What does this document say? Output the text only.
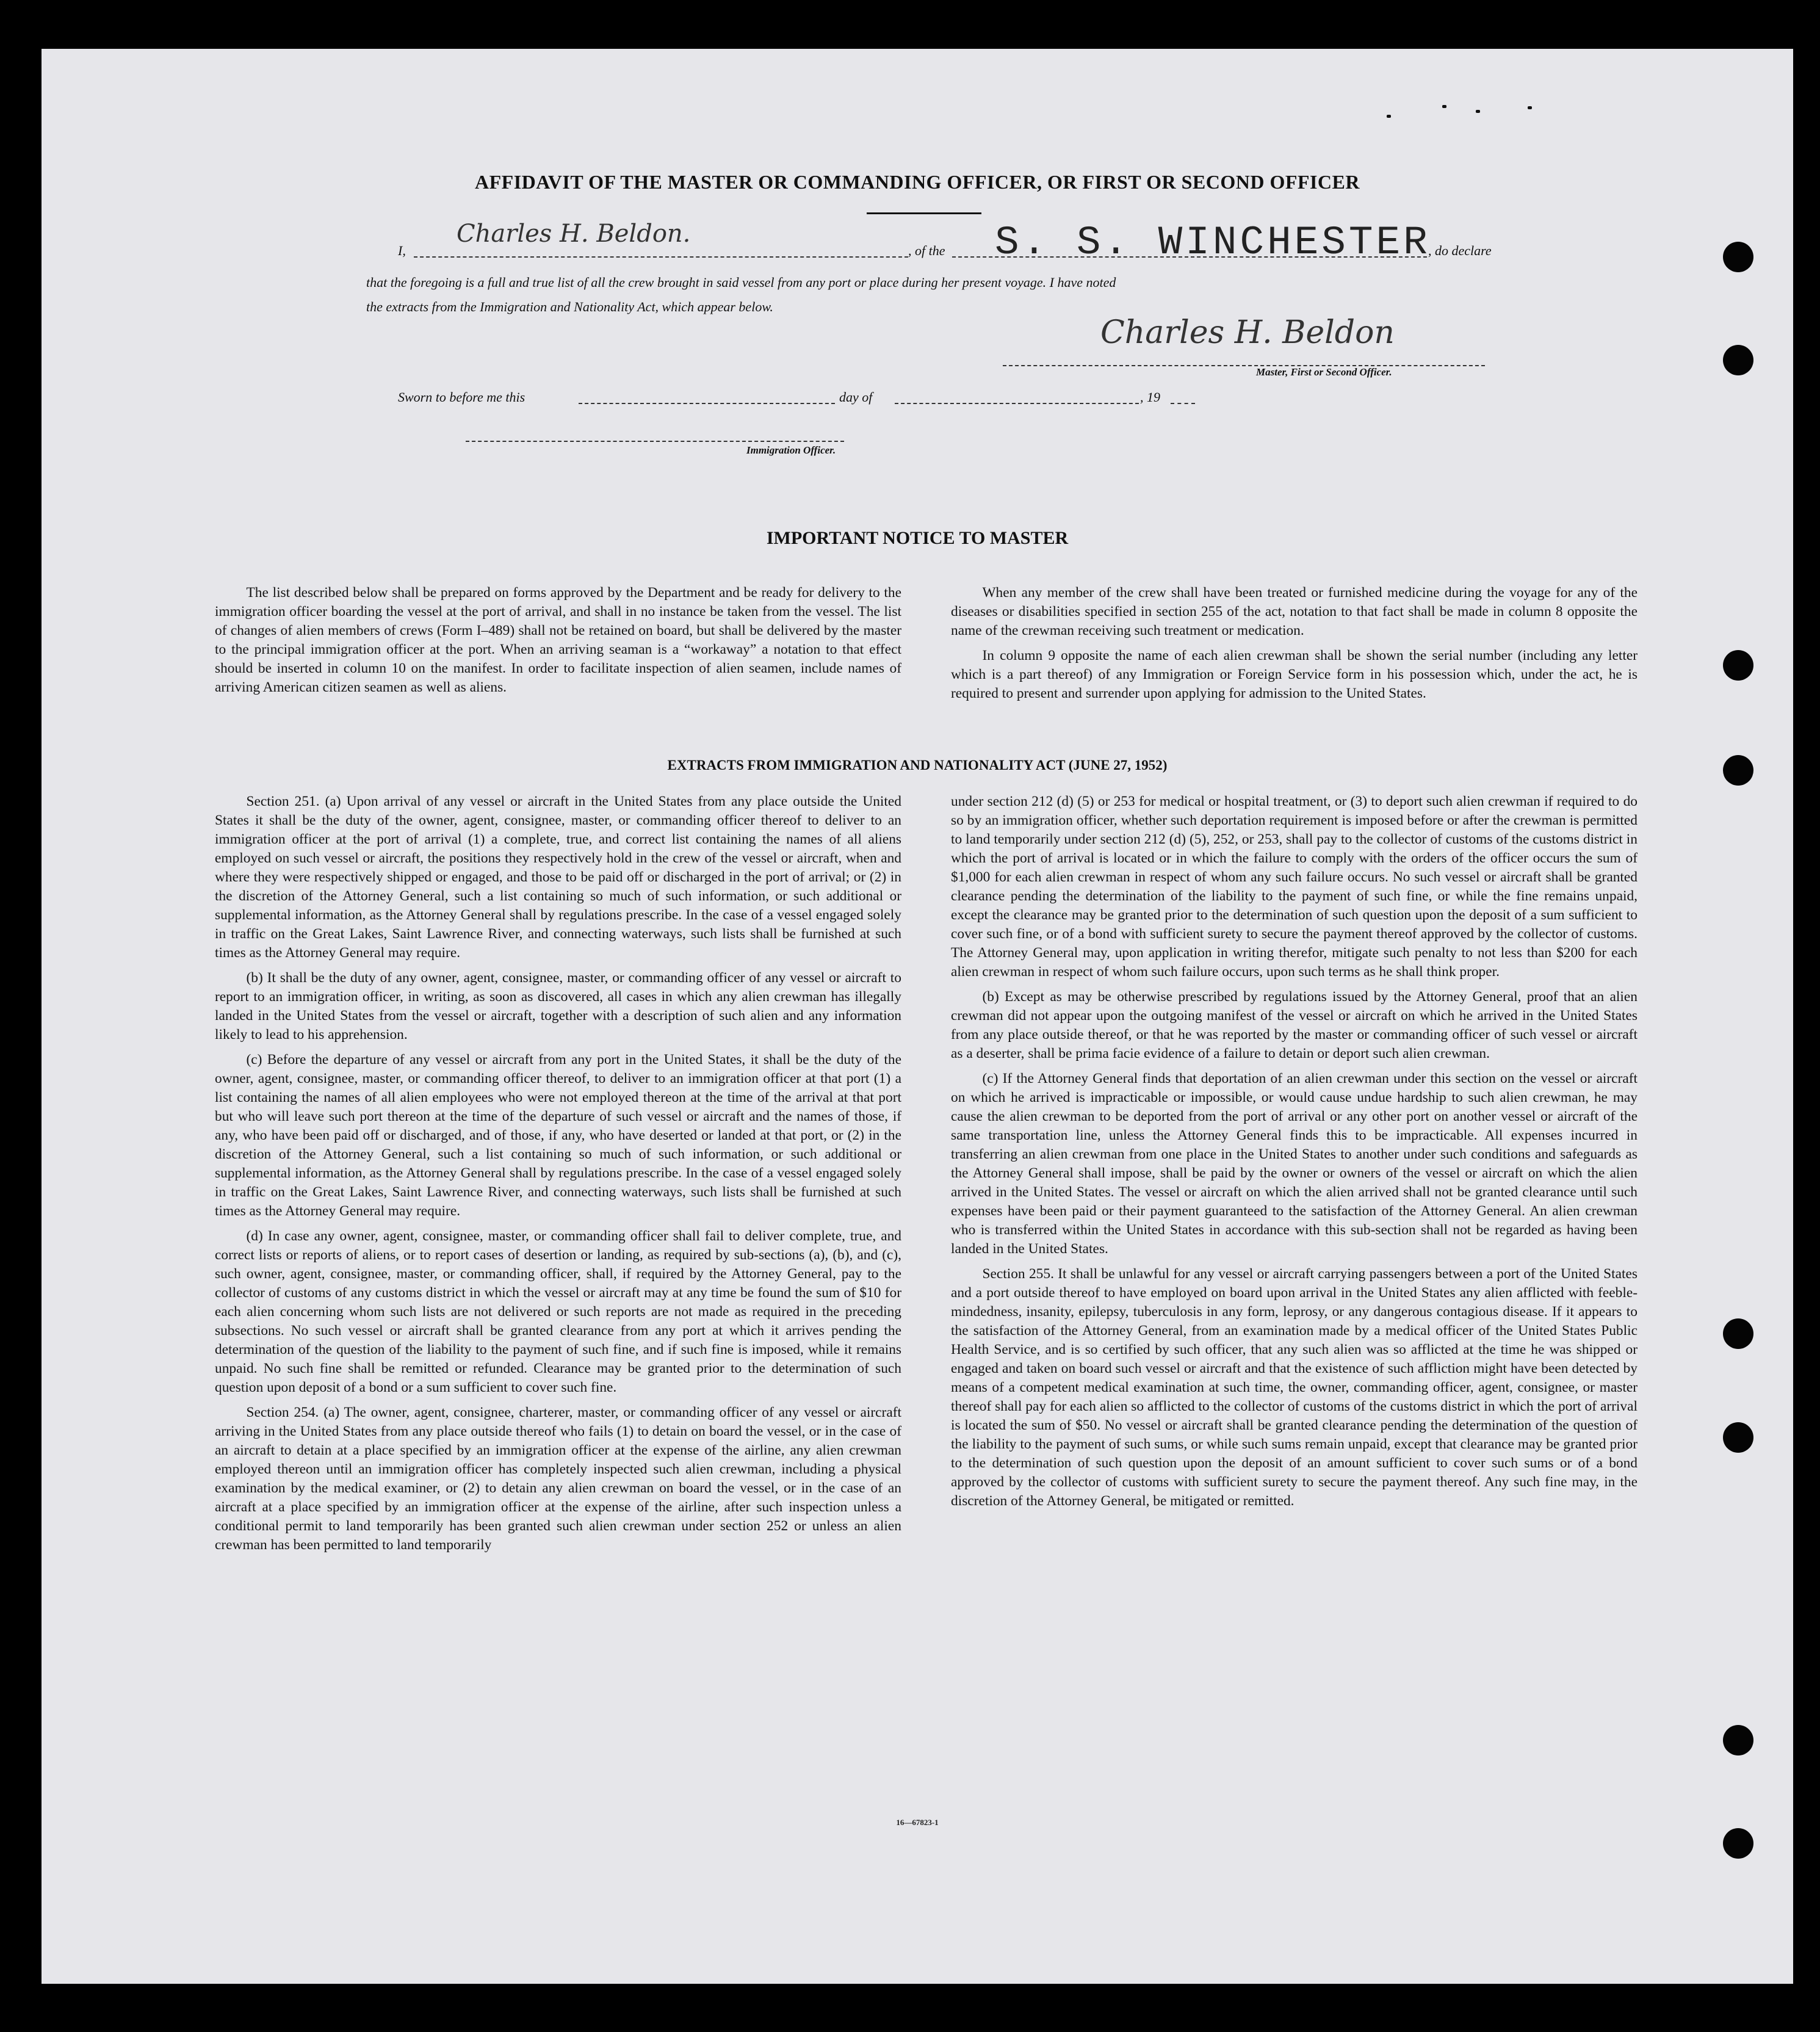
AFFIDAVIT OF THE MASTER OR COMMANDING OFFICER, OR FIRST OR SECOND OFFICER
I,
Charles H. Beldon.
, of the S. S. WINCHESTER
, do declare
that the foregoing is a full and true list of all the crew brought in said vessel from any port or place during her present voyage. I have noted
the extracts from the Immigration and Nationality Act, which appear below.
Charles H. Beldon
Master, First or Second Officer.
Sworn to before me this	day of	, 19
Immigration Officer.
IMPORTANT NOTICE TO MASTER

The list described below shall be prepared on forms approved by the Department and be ready for delivery to the immigration officer boarding the vessel at the port of arrival, and shall in no instance be taken from the vessel. The list of changes of alien members of crews (Form I–489) shall not be retained on board, but shall be delivered by the master to the principal immigration officer at the port. When an arriving seaman is a “workaway” a notation to that effect should be inserted in column 10 on the manifest. In order to facilitate inspection of alien seamen, include names of arriving American citizen seamen as well as aliens.

When any member of the crew shall have been treated or furnished medicine during the voyage for any of the diseases or disabilities specified in section 255 of the act, notation to that fact shall be made in column 8 opposite the name of the crewman receiving such treatment or medication.

In column 9 opposite the name of each alien crewman shall be shown the serial number (including any letter which is a part thereof) of any Immigration or Foreign Service form in his possession which, under the act, he is required to present and surrender upon applying for admission to the United States.

EXTRACTS FROM IMMIGRATION AND NATIONALITY ACT (JUNE 27, 1952)

Section 251. (a) Upon arrival of any vessel or aircraft in the United States from any place outside the United States it shall be the duty of the owner, agent, consignee, master, or commanding officer thereof to deliver to an immigration officer at the port of arrival (1) a complete, true, and correct list containing the names of all aliens employed on such vessel or aircraft, the positions they respectively hold in the crew of the vessel or aircraft, when and where they were respectively shipped or engaged, and those to be paid off or discharged in the port of arrival; or (2) in the discretion of the Attorney General, such a list containing so much of such information, or such additional or supplemental information, as the Attorney General shall by regulations prescribe. In the case of a vessel engaged solely in traffic on the Great Lakes, Saint Lawrence River, and connecting waterways, such lists shall be furnished at such times as the Attorney General may require.

(b) It shall be the duty of any owner, agent, consignee, master, or commanding officer of any vessel or aircraft to report to an immigration officer, in writing, as soon as discovered, all cases in which any alien crewman has illegally landed in the United States from the vessel or aircraft, together with a description of such alien and any information likely to lead to his apprehension.

(c) Before the departure of any vessel or aircraft from any port in the United States, it shall be the duty of the owner, agent, consignee, master, or commanding officer thereof, to deliver to an immigration officer at that port (1) a list containing the names of all alien employees who were not employed thereon at the time of the arrival at that port but who will leave such port thereon at the time of the departure of such vessel or aircraft and the names of those, if any, who have been paid off or discharged, and of those, if any, who have deserted or landed at that port, or (2) in the discretion of the Attorney General, such a list containing so much of such information, or such additional or supplemental information, as the Attorney General shall by regulations prescribe. In the case of a vessel engaged solely in traffic on the Great Lakes, Saint Lawrence River, and connecting waterways, such lists shall be furnished at such times as the Attorney General may require.

(d) In case any owner, agent, consignee, master, or commanding officer shall fail to deliver complete, true, and correct lists or reports of aliens, or to report cases of desertion or landing, as required by sub-sections (a), (b), and (c), such owner, agent, consignee, master, or commanding officer, shall, if required by the Attorney General, pay to the collector of customs of any customs district in which the vessel or aircraft may at any time be found the sum of $10 for each alien concerning whom such lists are not delivered or such reports are not made as required in the preceding subsections. No such vessel or aircraft shall be granted clearance from any port at which it arrives pending the determination of the question of the liability to the payment of such fine, and if such fine is imposed, while it remains unpaid. No such fine shall be remitted or refunded. Clearance may be granted prior to the determination of such question upon deposit of a bond or a sum sufficient to cover such fine.

Section 254. (a) The owner, agent, consignee, charterer, master, or commanding officer of any vessel or aircraft arriving in the United States from any place outside thereof who fails (1) to detain on board the vessel, or in the case of an aircraft to detain at a place specified by an immigration officer at the expense of the airline, any alien crewman employed thereon until an immigration officer has completely inspected such alien crewman, including a physical examination by the medical examiner, or (2) to detain any alien crewman on board the vessel, or in the case of an aircraft at a place specified by an immigration officer at the expense of the airline, after such inspection unless a conditional permit to land temporarily has been granted such alien crewman under section 252 or unless an alien crewman has been permitted to land temporarily

under section 212 (d) (5) or 253 for medical or hospital treatment, or (3) to deport such alien crewman if required to do so by an immigration officer, whether such deportation requirement is imposed before or after the crewman is permitted to land temporarily under section 212 (d) (5), 252, or 253, shall pay to the collector of customs of the customs district in which the port of arrival is located or in which the failure to comply with the orders of the officer occurs the sum of $1,000 for each alien crewman in respect of whom any such failure occurs. No such vessel or aircraft shall be granted clearance pending the determination of the liability to the payment of such fine, or while the fine remains unpaid, except the clearance may be granted prior to the determination of such question upon the deposit of a sum sufficient to cover such fine, or of a bond with sufficient surety to secure the payment thereof approved by the collector of customs. The Attorney General may, upon application in writing therefor, mitigate such penalty to not less than $200 for each alien crewman in respect of whom such failure occurs, upon such terms as he shall think proper.

(b) Except as may be otherwise prescribed by regulations issued by the Attorney General, proof that an alien crewman did not appear upon the outgoing manifest of the vessel or aircraft on which he arrived in the United States from any place outside thereof, or that he was reported by the master or commanding officer of such vessel or aircraft as a deserter, shall be prima facie evidence of a failure to detain or deport such alien crewman.

(c) If the Attorney General finds that deportation of an alien crewman under this section on the vessel or aircraft on which he arrived is impracticable or impossible, or would cause undue hardship to such alien crewman, he may cause the alien crewman to be deported from the port of arrival or any other port on another vessel or aircraft of the same transportation line, unless the Attorney General finds this to be impracticable. All expenses incurred in transferring an alien crewman from one place in the United States to another under such conditions and safeguards as the Attorney General shall impose, shall be paid by the owner or owners of the vessel or aircraft on which the alien arrived in the United States. The vessel or aircraft on which the alien arrived shall not be granted clearance until such expenses have been paid or their payment guaranteed to the satisfaction of the Attorney General. An alien crewman who is transferred within the United States in accordance with this sub-section shall not be regarded as having been landed in the United States.

Section 255. It shall be unlawful for any vessel or aircraft carrying passengers between a port of the United States and a port outside thereof to have employed on board upon arrival in the United States any alien afflicted with feeble-mindedness, insanity, epilepsy, tuberculosis in any form, leprosy, or any dangerous contagious disease. If it appears to the satisfaction of the Attorney General, from an examination made by a medical officer of the United States Public Health Service, and is so certified by such officer, that any such alien was so afflicted at the time he was shipped or engaged and taken on board such vessel or aircraft and that the existence of such affliction might have been detected by means of a competent medical examination at such time, the owner, commanding officer, agent, consignee, or master thereof shall pay for each alien so afflicted to the collector of customs of the customs district in which the port of arrival is located the sum of $50. No vessel or aircraft shall be granted clearance pending the determination of the question of the liability to the payment of such sums, or while such sums remain unpaid, except that clearance may be granted prior to the determination of such question upon the deposit of an amount sufficient to cover such sums or of a bond approved by the collector of customs with sufficient surety to secure the payment thereof. Any such fine may, in the discretion of the Attorney General, be mitigated or remitted.

16—67823-1
